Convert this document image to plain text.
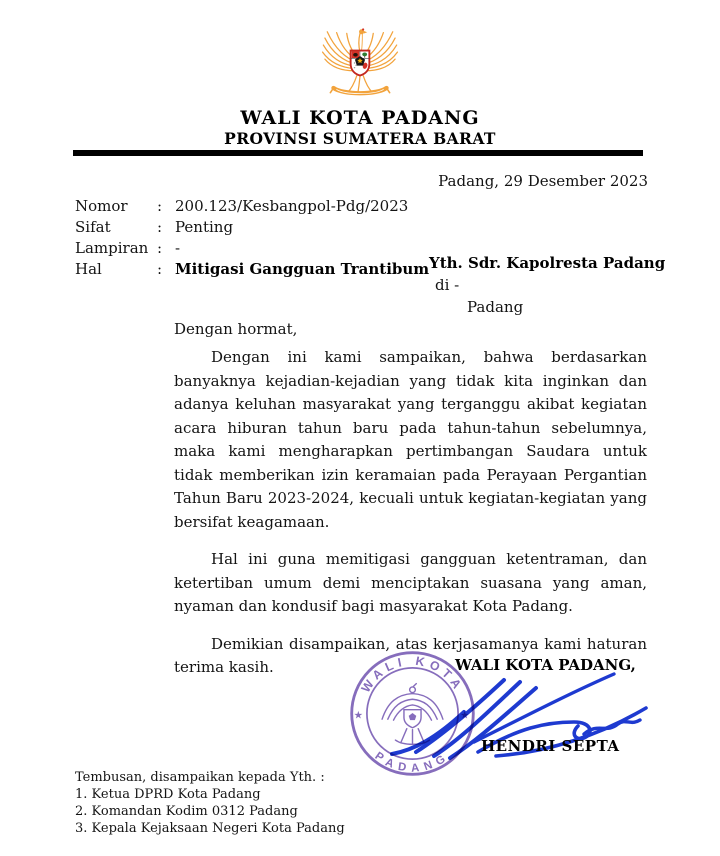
WALI KOTA PADANG
PROVINSI SUMATERA BARAT
Padang, 29 Desember 2023
Nomor	: 200.123/Kesbangpol-Pdg/2023
Sifat	: Penting
Lampiran : -
Hal	: Mitigasi Gangguan Trantibum Yth. Sdr. Kapolresta Padang
di -
Padang
Dengan hormat,

Dengan ini kami sampaikan, bahwa berdasarkan banyaknya kejadian-kejadian yang tidak kita inginkan dan adanya keluhan masyarakat yang terganggu akibat kegiatan acara hiburan tahun baru pada tahun-tahun sebelumnya, maka kami mengharapkan pertimbangan Saudara untuk tidak memberikan izin keramaian pada Perayaan Pergantian Tahun Baru 2023-2024, kecuali untuk kegiatan-kegiatan yang bersifat keagamaan.

Hal ini guna memitigasi gangguan ketentraman, dan ketertiban umum demi menciptakan suasana yang aman, nyaman dan kondusif bagi masyarakat Kota Padang.

Demikian disampaikan, atas kerjasamanya kami haturan terima kasih.	WALI KOTA PADANG,
WALI KOTA
PADANG
★	★
HENDRI SEPTA
Tembusan, disampaikan kepada Yth. :
1. Ketua DPRD Kota Padang
2. Komandan Kodim 0312 Padang
3. Kepala Kejaksaan Negeri Kota Padang
